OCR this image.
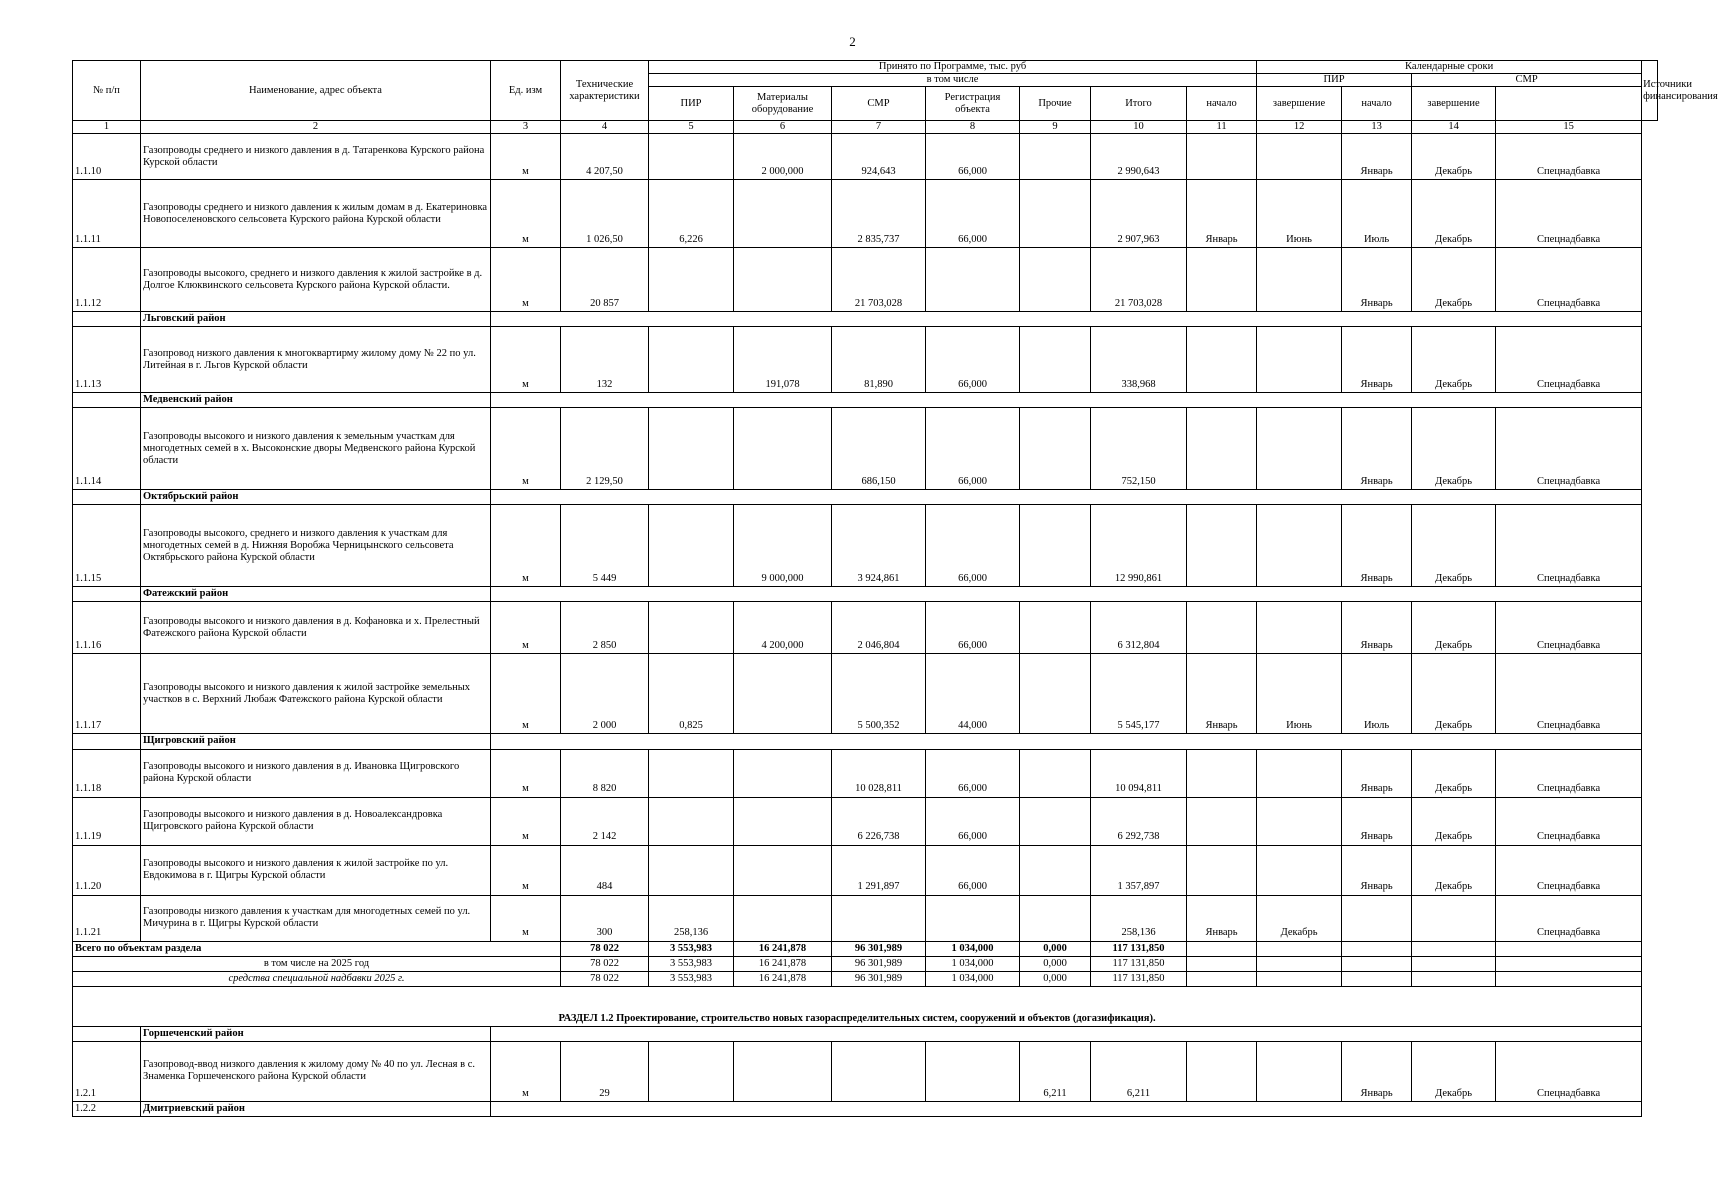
2
№ п/п	Наименование, адрес объекта	Ед. изм	Технические характеристики	Принято по Программе, тыс. руб							Календарные сроки				Источники финансирования
				в том числе							ПИР		СМР		
				ПИР	Материалы оборудование	СМР	Регистрация объекта	Прочие	Итого	начало	завершение	начало	завершение		
1	2	3	4	5	6	7	8	9	10	11	12	13	14	15	
1.1.10	Газопроводы среднего и низкого давления в д. Татаренкова Курского района Курской области	м	4 207,50		2 000,000	924,643	66,000		2 990,643			Январь	Декабрь	Спецнадбавка	
1.1.11	Газопроводы среднего и низкого давления к жилым домам в д. Екатериновка Новопоселеновского сельсовета Курского района Курской области	м	1 026,50	6,226		2 835,737	66,000		2 907,963	Январь	Июнь	Июль	Декабрь	Спецнадбавка	
1.1.12	Газопроводы высокого, среднего и низкого давления к жилой застройке в д. Долгое Клюквинского сельсовета Курского района Курской области.	м	20 857			21 703,028			21 703,028			Январь	Декабрь	Спецнадбавка	
	Льговский район														
1.1.13	Газопровод низкого давления к многоквартирму жилому дому № 22 по ул. Литейная в г. Льгов Курской области	м	132		191,078	81,890	66,000		338,968			Январь	Декабрь	Спецнадбавка	
	Медвенский район														
1.1.14	Газопроводы высокого и низкого давления к земельным участкам для многодетных семей в х. Высоконские дворы Медвенского района Курской области	м	2 129,50			686,150	66,000		752,150			Январь	Декабрь	Спецнадбавка	
	Октябрьский район														
1.1.15	Газопроводы высокого, среднего и низкого давления к участкам для многодетных семей в д. Нижняя Воробжа Черницынского сельсовета Октябрьского района Курской области	м	5 449		9 000,000	3 924,861	66,000		12 990,861			Январь	Декабрь	Спецнадбавка	
	Фатежский район														
1.1.16	Газопроводы высокого и низкого давления в д. Кофановка и х. Прелестный Фатежского района Курской области	м	2 850		4 200,000	2 046,804	66,000		6 312,804			Январь	Декабрь	Спецнадбавка	
1.1.17	Газопроводы высокого и низкого давления к жилой застройке земельных участков в с. Верхний Любаж Фатежского района Курской области	м	2 000	0,825		5 500,352	44,000		5 545,177	Январь	Июнь	Июль	Декабрь	Спецнадбавка	
	Щигровский район														
1.1.18	Газопроводы высокого и низкого давления в д. Ивановка Щигровского района Курской области	м	8 820			10 028,811	66,000		10 094,811			Январь	Декабрь	Спецнадбавка	
1.1.19	Газопроводы высокого и низкого давления в д. Новоалександровка Щигровского района Курской области	м	2 142			6 226,738	66,000		6 292,738			Январь	Декабрь	Спецнадбавка	
1.1.20	Газопроводы высокого и низкого давления к жилой застройке по ул. Евдокимова в г. Щигры Курской области	м	484			1 291,897	66,000		1 357,897			Январь	Декабрь	Спецнадбавка	
1.1.21	Газопроводы низкого давления к участкам для многодетных семей по ул. Мичурина в г. Щигры Курской области	м	300	258,136					258,136	Январь	Декабрь			Спецнадбавка	
Всего по объектам раздела			78 022	3 553,983	16 241,878	96 301,989	1 034,000	0,000	117 131,850						
в том числе на 2025 год			78 022	3 553,983	16 241,878	96 301,989	1 034,000	0,000	117 131,850						
средства специальной надбавки 2025 г.			78 022	3 553,983	16 241,878	96 301,989	1 034,000	0,000	117 131,850						
РАЗДЕЛ 1.2 Проектирование, строительство новых газораспределительных систем, сооружений и объектов (догазификация).															
	Горшеченский район														
1.2.1	Газопровод-ввод низкого давления к жилому дому № 40 по ул. Лесная в с. Знаменка Горшеченского района Курской области	м	29					6,211	6,211			Январь	Декабрь	Спецнадбавка	
1.2.2	Дмитриевский район														
